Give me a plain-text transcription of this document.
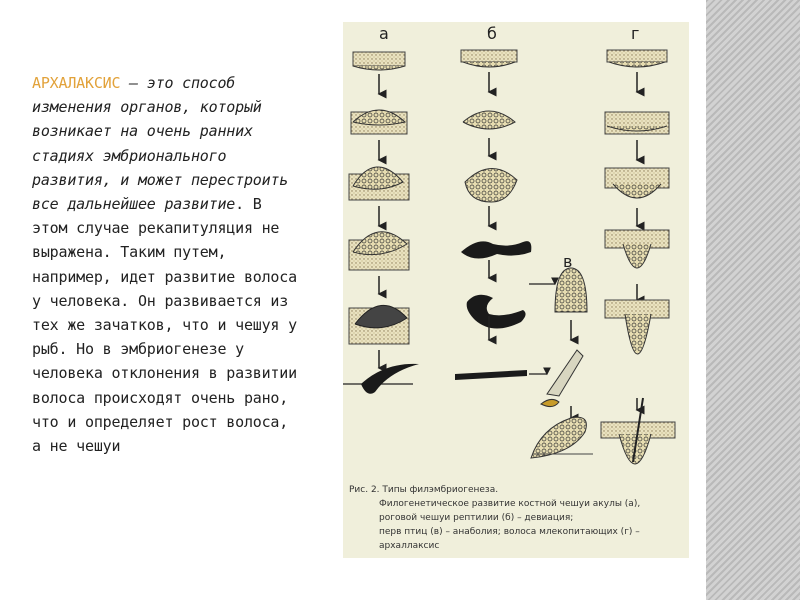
АРХАЛАКСИС – это способ изменения органов, который возникает на очень ранних стадиях эмбрионального развития, и может перестроить все дальнейшее развитие. В этом случае рекапитуляция не выражена. Таким путем, например, идет развитие волоса у человека. Он развивается из тех же зачатков, что и чешуя у рыб. Но в эмбриогенезе у человека отклонения в развитии волоса происходят очень рано, что и определяет рост волоса, а не чешуи
а	б
в
г
Рис. 2. Типы филэмбриогенеза.
Филогенетическое развитие костной чешуи акулы (а),
роговой чешуи рептилии (б) – девиация;
перв птиц (в) – анаболия; волоса млекопитающих (г) –
архаллаксис
